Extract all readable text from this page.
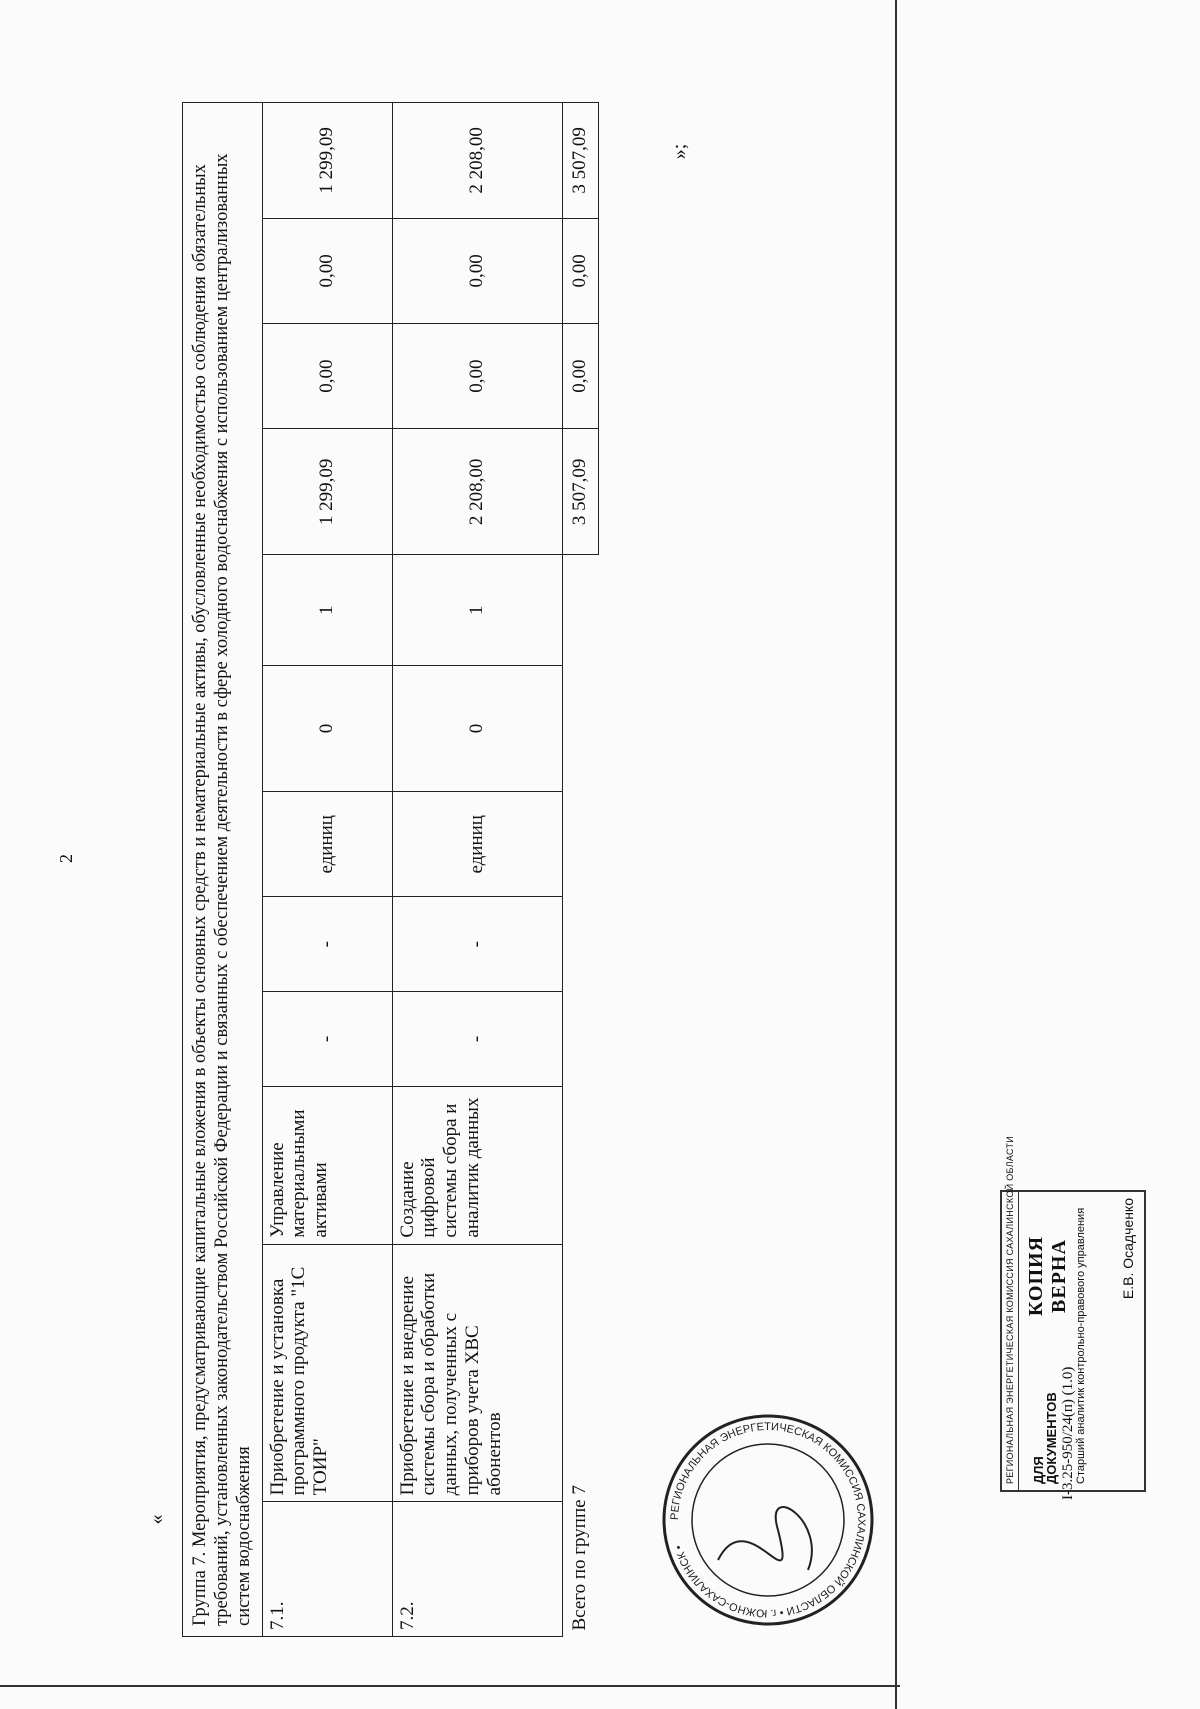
2
«
»;
Группа 7. Мероприятия, предусматривающие капитальные вложения в объекты основных средств и нематериальные активы, обусловленные необходимостью соблюдения обязательных требований, установленных законодательством Российской Федерации и связанных с обеспечением деятельности в сфере холодного водоснабжения с использованием централизованных систем водоснабжения											
7.1.	Приобретение и установка программного продукта "1С ТОИР"	Управление материальными активами	-	-	единиц	0	1	1 299,09	0,00	0,00	1 299,09
7.2.	Приобретение и внедрение системы сбора и обработки данных, полученных с приборов учета ХВС абонентов	Создание цифровой системы сбора и аналитик данных	-	-	единиц	0	1	2 208,00	0,00	0,00	2 208,00
Всего по группе 7								3 507,09	0,00	0,00	3 507,09
РЕГИОНАЛЬНАЯ ЭНЕРГЕТИЧЕСКАЯ КОМИССИЯ САХАЛИНСКОЙ ОБЛАСТИ • г. ЮЖНО-САХАЛИНСК •
РЕГИОНАЛЬНАЯ ЭНЕРГЕТИЧЕСКАЯ КОМИССИЯ САХАЛИНСКОЙ ОБЛАСТИ	ДЛЯ ДОКУМЕНТОВ
КОПИЯ ВЕРНА Старший аналитик контрольно-правового управления Е.В. Осадченко
I-3.25-950/24(п) (1.0)
